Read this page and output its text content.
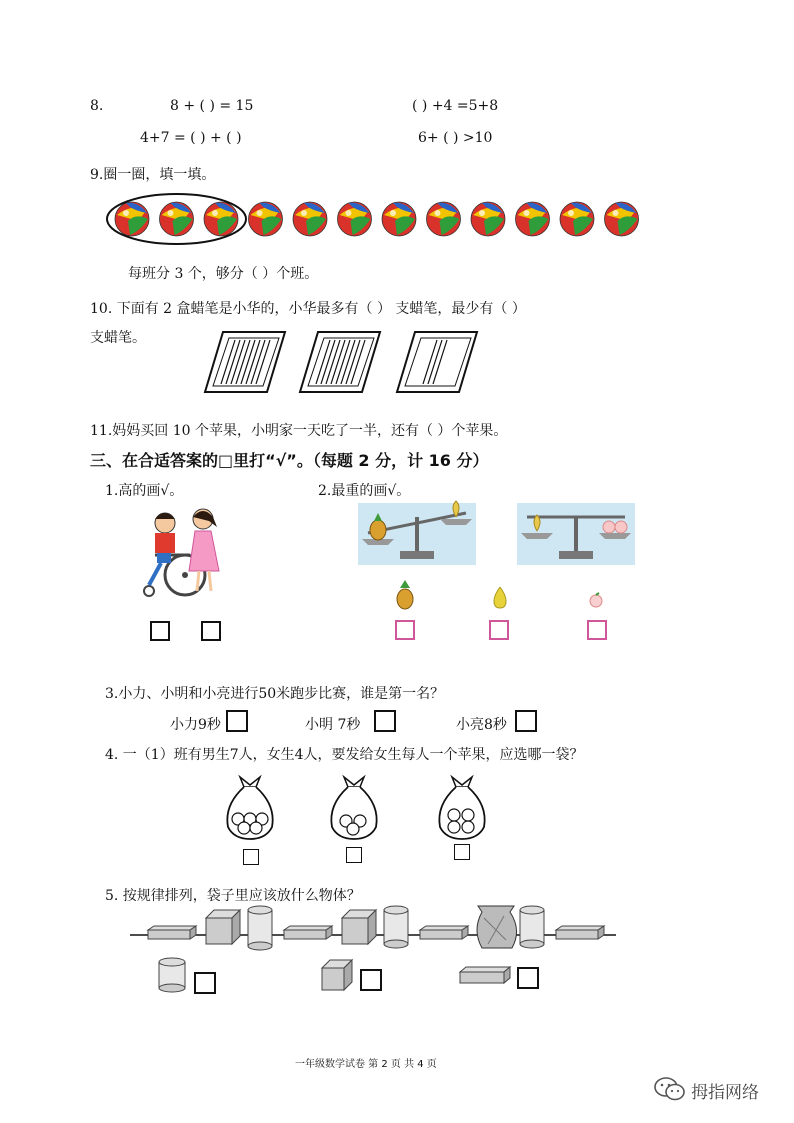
8.	8 + ( ) = 15	( ) +4 =5+8
4+7 = ( ) + ( )	6+ ( ) >10
9.圈一圈，填一填。
每班分 3 个，够分（ ）个班。
10. 下面有 2 盒蜡笔是小华的，小华最多有（ ） 支蜡笔，最少有（ ）
支蜡笔。
11.妈妈买回 10 个苹果，小明家一天吃了一半，还有（ ）个苹果。
三、在合适答案的□里打“√”。（每题 2 分，计 16 分）
1.高的画√。	2.最重的画√。
3.小力、小明和小亮进行50米跑步比赛，谁是第一名？
小力9秒	小明 7秒	小亮8秒
4. 一（1）班有男生7人，女生4人，要发给女生每人一个苹果，应选哪一袋？
5. 按规律排列，袋子里应该放什么物体？
一年级数学试卷 第 2 页 共 4 页
拇指网络
